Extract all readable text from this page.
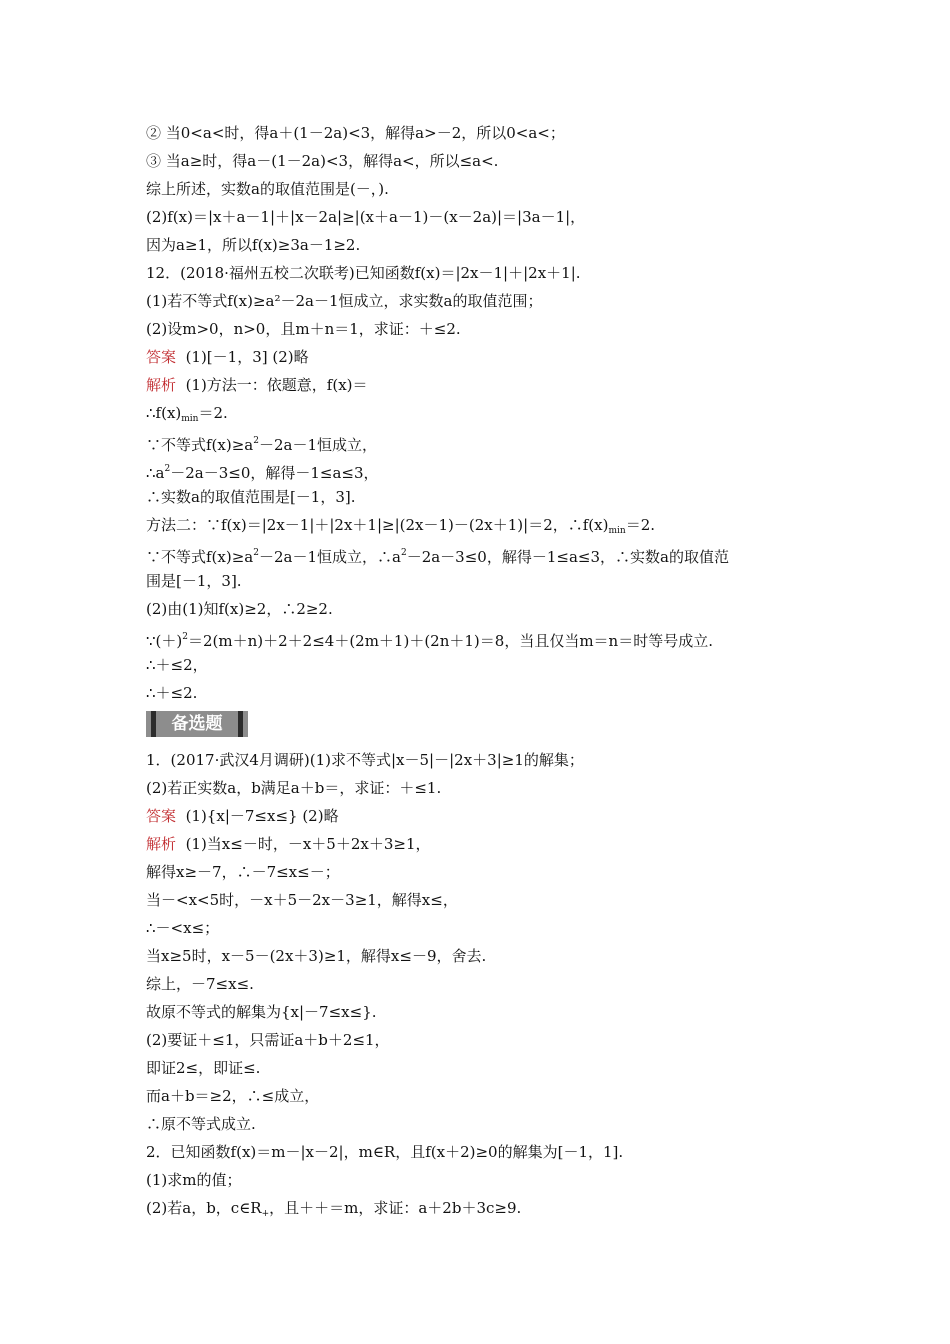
② 当0<a<时，得a＋(1－2a)<3，解得a>－2，所以0<a<；
③ 当a≥时，得a－(1－2a)<3，解得a<，所以≤a<.
综上所述，实数a的取值范围是(－，).
(2)f(x)＝|x＋a－1|＋|x－2a|≥|(x＋a－1)－(x－2a)|＝|3a－1|，
因为a≥1，所以f(x)≥3a－1≥2.
12．(2018·福州五校二次联考)已知函数f(x)＝|2x－1|＋|2x＋1|.
(1)若不等式f(x)≥a²－2a－1恒成立，求实数a的取值范围；
(2)设m>0，n>0，且m＋n＝1，求证：＋≤2.
答案 (1)[－1，3] (2)略
解析 (1)方法一：依题意，f(x)＝
$\therefore f(x)_{min}=2$.
∵不等式$f(x)\ge a^2-2a-1$恒成立，
$\therefore a^2-2a-3\le 0$，解得－1≤a≤3，
∴实数a的取值范围是[－1，3].
方法二：∵f(x)＝|2x－1|＋|2x＋1|≥|(2x－1)－(2x＋1)|＝2，$\therefore f(x)_{min}=2$.
∵不等式$f(x)\ge a^2-2a-1$恒成立，$\therefore a^2-2a-3\le 0$，解得－1≤a≤3，∴实数a的取值范
围是[－1，3].
(2)由(1)知f(x)≥2，∴2≥2.
$\because(+)^2=2(m+n)+2+2\le 4+(2m+1)+(2n+1)=8$，当且仅当m＝n＝时等号成立.
∴＋≤2，
∴＋≤2.
备选题
1．(2017·武汉4月调研)(1)求不等式|x－5|－|2x＋3|≥1的解集；
(2)若正实数a，b满足a＋b＝，求证：＋≤1.
答案 (1){x|－7≤x≤} (2)略
解析 (1)当x≤－时，－x＋5＋2x＋3≥1，
解得x≥－7，∴－7≤x≤－；
当－<x<5时，－x＋5－2x－3≥1，解得x≤，
∴－<x≤；
当x≥5时，x－5－(2x＋3)≥1，解得x≤－9，舍去.
综上，－7≤x≤.
故原不等式的解集为{x|－7≤x≤}.
(2)要证＋≤1，只需证a＋b＋2≤1，
即证2≤，即证≤.
而a＋b＝≥2，∴≤成立，
∴原不等式成立.
2．已知函数f(x)＝m－|x－2|，m∈R，且f(x＋2)≥0的解集为[－1，1].
(1)求m的值；
(2)若a，b，$c\in R_+$，且＋＋＝m，求证：a＋2b＋3c≥9.
